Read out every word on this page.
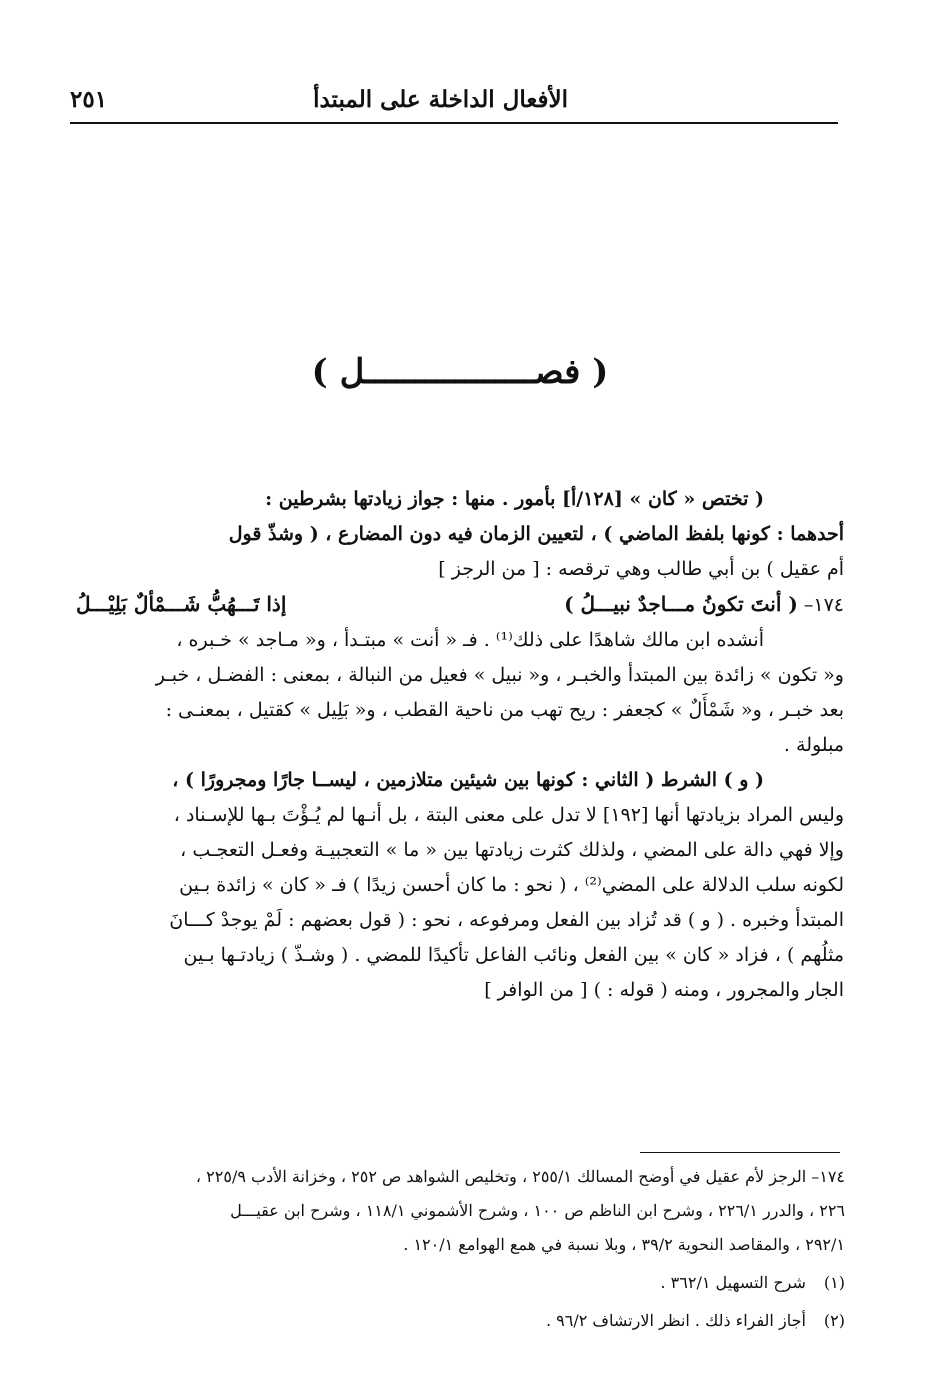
الأفعال الداخلة على المبتدأ
٢٥١
( فصـــــــــــــــــل )
( تختص « كان » [١٢٨/أ] بأمور . منها : جواز زيادتها بشرطين :
أحدهما : كونها بلفظ الماضي ) ، لتعيين الزمان فيه دون المضارع ، ( وشذّ قول
أم عقيل ) بن أبي طالب وهي ترقصه : [ من الرجز ]
١٧٤– ( أنتَ تكونُ مـــاجدٌ نبيـــلُ )
إذا تَـــهُبُّ شَـــمْألٌ بَلِيْـــلُ
أنشده ابن مالك شاهدًا على ذلك⁽¹⁾ . فـ « أنت » مبتـدأ ، و« مـاجد » خـبره ،
و« تكون » زائدة بين المبتدأ والخبـر ، و« نبيل » فعيل من النبالة ، بمعنى : الفضـل ، خبـر
بعد خبـر ، و« شَمْأَلٌ » كجعفر : ريح تهب من ناحية القطب ، و« بَلِيل » كقتيل ، بمعنـى :
مبلولة .
( و ) الشرط ( الثاني : كونها بين شيئين متلازمين ، ليســا جارًا ومجرورًا ) ،
وليس المراد بزيادتها أنها [١٩٢] لا تدل على معنى البتة ، بل أنـها لم يُـؤْتَ بـها للإسـناد ،
وإلا فهي دالة على المضي ، ولذلك كثرت زيادتها بين « ما » التعجبيـة وفعـل التعجـب ،
لكونه سلب الدلالة على المضي⁽²⁾ ، ( نحو : ما كان أحسن زيدًا ) فـ « كان » زائدة بـين
المبتدأ وخبره . ( و ) قد تُزاد بين الفعل ومرفوعه ، نحو : ( قول بعضهم : لَمْ يوجدْ كـــانَ
مثلُهم ) ، فزاد « كان » بين الفعل ونائب الفاعل تأكيدًا للمضي . ( وشـذّ ) زيادتـها بـين
الجار والمجرور ، ومنه ( قوله : ) [ من الوافر ]
١٧٤– الرجز لأم عقيل في أوضح المسالك ٢٥٥/١ ، وتخليص الشواهد ص ٢٥٢ ، وخزانة الأدب ٢٢٥/٩ ،
٢٢٦ ، والدرر ٢٢٦/١ ، وشرح ابن الناظم ص ١٠٠ ، وشرح الأشموني ١١٨/١ ، وشرح ابن عقيـــل
٢٩٢/١ ، والمقاصد النحوية ٣٩/٢ ، وبلا نسبة في همع الهوامع ١٢٠/١ .
(١)
شرح التسهيل ٣٦٢/١ .
(٢)
أجاز الفراء ذلك . انظر الارتشاف ٩٦/٢ .
